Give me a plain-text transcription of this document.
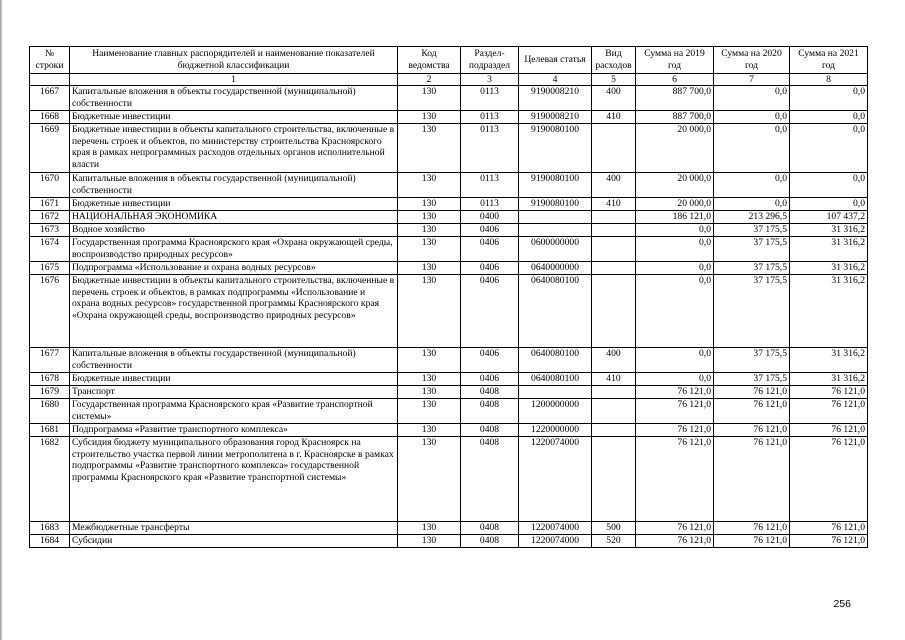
№ строки	Наименование главных распорядителей и наименование показателей бюджетной классификации	Код ведомства	Раздел-подраздел	Целевая статья	Вид расходов	Сумма на 2019 год	Сумма на 2020 год	Сумма на 2021 год
	1	2	3	4	5	6	7	8
1667	Капитальные вложения в объекты государственной (муниципальной) собственности	130	0113	9190008210	400	887 700,0	0,0	0,0
1668	Бюджетные инвестиции	130	0113	9190008210	410	887 700,0	0,0	0,0
1669	Бюджетные инвестиции в объекты капитального строительства, включенные в перечень строек и объектов, по министерству строительства Красноярского края в рамках непрограммных расходов отдельных органов исполнительной власти	130	0113	9190080100		20 000,0	0,0	0,0
1670	Капитальные вложения в объекты государственной (муниципальной) собственности	130	0113	9190080100	400	20 000,0	0,0	0,0
1671	Бюджетные инвестиции	130	0113	9190080100	410	20 000,0	0,0	0,0
1672	НАЦИОНАЛЬНАЯ ЭКОНОМИКА	130	0400			186 121,0	213 296,5	107 437,2
1673	Водное хозяйство	130	0406			0,0	37 175,5	31 316,2
1674	Государственная программа Красноярского края «Охрана окружающей среды, воспроизводство природных ресурсов»	130	0406	0600000000		0,0	37 175,5	31 316,2
1675	Подпрограмма «Использование и охрана водных ресурсов»	130	0406	0640000000		0,0	37 175,5	31 316,2
1676	Бюджетные инвестиции в объекты капитального строительства, включенные в перечень строек и объектов, в рамках подпрограммы «Использование и охрана водных ресурсов» государственной программы Красноярского края «Охрана окружающей среды, воспроизводство природных ресурсов»	130	0406	0640080100		0,0	37 175,5	31 316,2
1677	Капитальные вложения в объекты государственной (муниципальной) собственности	130	0406	0640080100	400	0,0	37 175,5	31 316,2
1678	Бюджетные инвестиции	130	0406	0640080100	410	0,0	37 175,5	31 316,2
1679	Транспорт	130	0408			76 121,0	76 121,0	76 121,0
1680	Государственная программа Красноярского края «Развитие транспортной системы»	130	0408	1200000000		76 121,0	76 121,0	76 121,0
1681	Подпрограмма «Развитие транспортного комплекса»	130	0408	1220000000		76 121,0	76 121,0	76 121,0
1682	Субсидия бюджету муниципального образования город Красноярск на строительство участка первой линии метрополитена в г. Красноярске в рамках подпрограммы «Развитие транспортного комплекса» государственной программы Красноярского края «Развитие транспортной системы»	130	0408	1220074000		76 121,0	76 121,0	76 121,0
1683	Межбюджетные трансферты	130	0408	1220074000	500	76 121,0	76 121,0	76 121,0
1684	Субсидии	130	0408	1220074000	520	76 121,0	76 121,0	76 121,0
256
